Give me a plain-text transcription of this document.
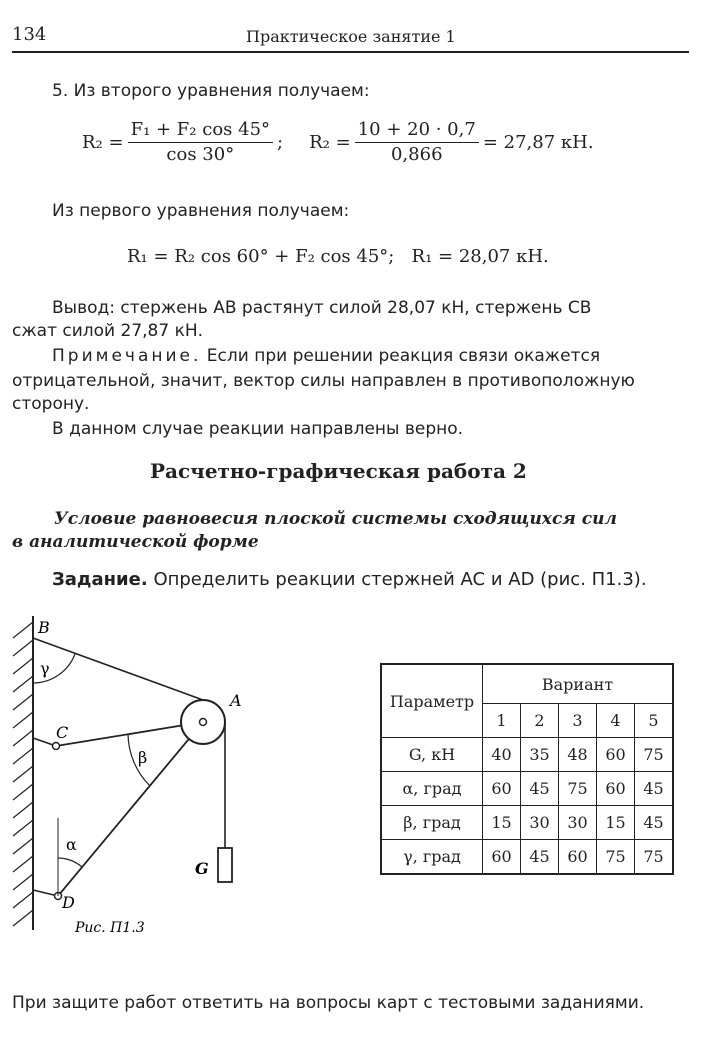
134	Практическое занятие 1
5. Из второго уравнения получаем:
$R_2 = \frac{\text{F₁ + F₂ cos 45°}}{\cos 30^\circ}$ ; $R_2 = \frac{10 + 20 \cdot 0,7}{0,866} = 27,87$ кН.
Из первого уравнения получаем:
R₁ = R₂ cos 60° + F₂ cos 45°;   R₁ = 28,07 кН.
Вывод: стержень AB растянут силой 28,07 кН, стержень CB
сжат силой 27,87 кН.
Примечание. Если при решении реакция связи окажется
отрицательной, значит, вектор силы направлен в противоположную
сторону.
В данном случае реакции направлены верно.
Расчетно-графическая работа 2
Условие равновесия плоской системы сходящихся сил
в аналитической форме
Задание. Определить реакции стержней AC и AD (рис. П1.3).
B
A
C
D
G
γ
β
α
Рис. П1.3
Параметр	Вариант				
	1	2	3	4	5
G, кН	40	35	48	60	75
α, град	60	45	75	60	45
β, град	15	30	30	15	45
γ, град	60	45	60	75	75
При защите работ ответить на вопросы карт с тестовыми заданиями.
